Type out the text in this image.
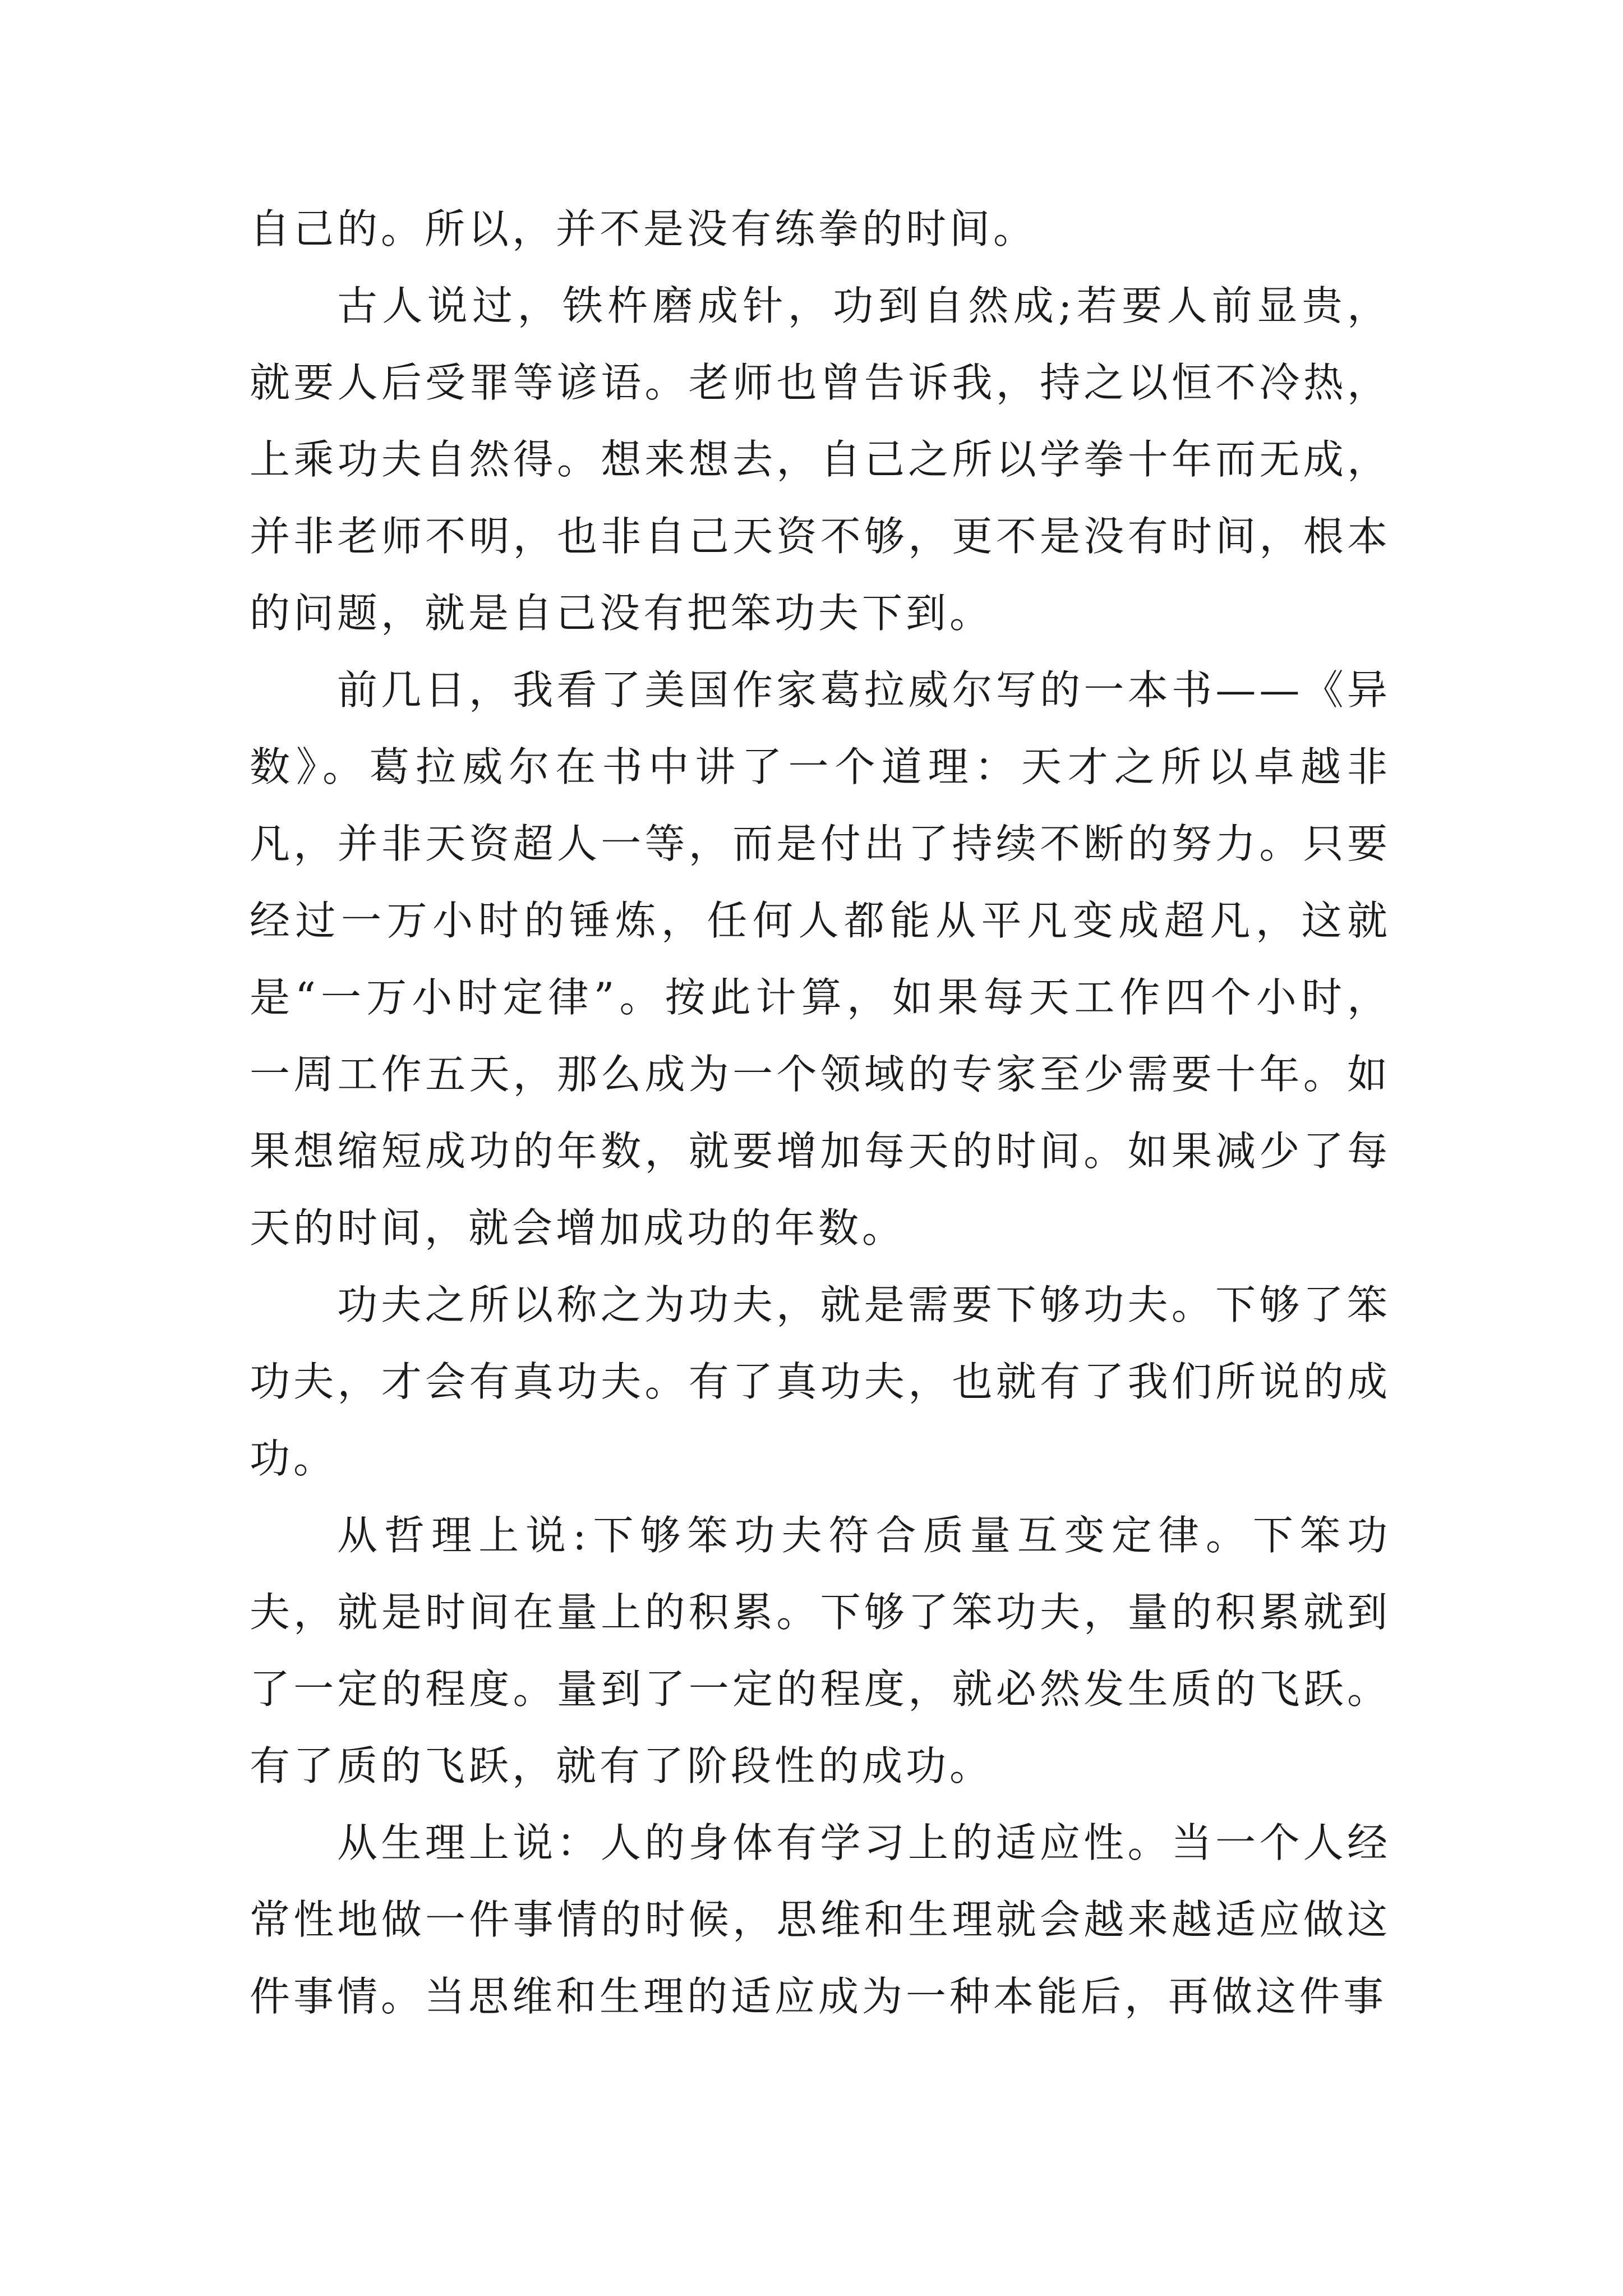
自己的。所以，并不是没有练拳的时间。

古人说过，铁杵磨成针，功到自然成;若要人前显贵，就要人后受罪等谚语。老师也曾告诉我，持之以恒不冷热，上乘功夫自然得。想来想去，自己之所以学拳十年而无成，并非老师不明，也非自己天资不够，更不是没有时间，根本的问题，就是自己没有把笨功夫下到。

前几日，我看了美国作家葛拉威尔写的一本书——《异数》。葛拉威尔在书中讲了一个道理：天才之所以卓越非凡，并非天资超人一等，而是付出了持续不断的努力。只要经过一万小时的锤炼，任何人都能从平凡变成超凡，这就是“一万小时定律”。按此计算，如果每天工作四个小时，一周工作五天，那么成为一个领域的专家至少需要十年。如果想缩短成功的年数，就要增加每天的时间。如果减少了每天的时间，就会增加成功的年数。

功夫之所以称之为功夫，就是需要下够功夫。下够了笨功夫，才会有真功夫。有了真功夫，也就有了我们所说的成功。

从哲理上说:下够笨功夫符合质量互变定律。下笨功夫，就是时间在量上的积累。下够了笨功夫，量的积累就到了一定的程度。量到了一定的程度，就必然发生质的飞跃。有了质的飞跃，就有了阶段性的成功。

从生理上说：人的身体有学习上的适应性。当一个人经常性地做一件事情的时候，思维和生理就会越来越适应做这件事情。当思维和生理的适应成为一种本能后，再做这件事
